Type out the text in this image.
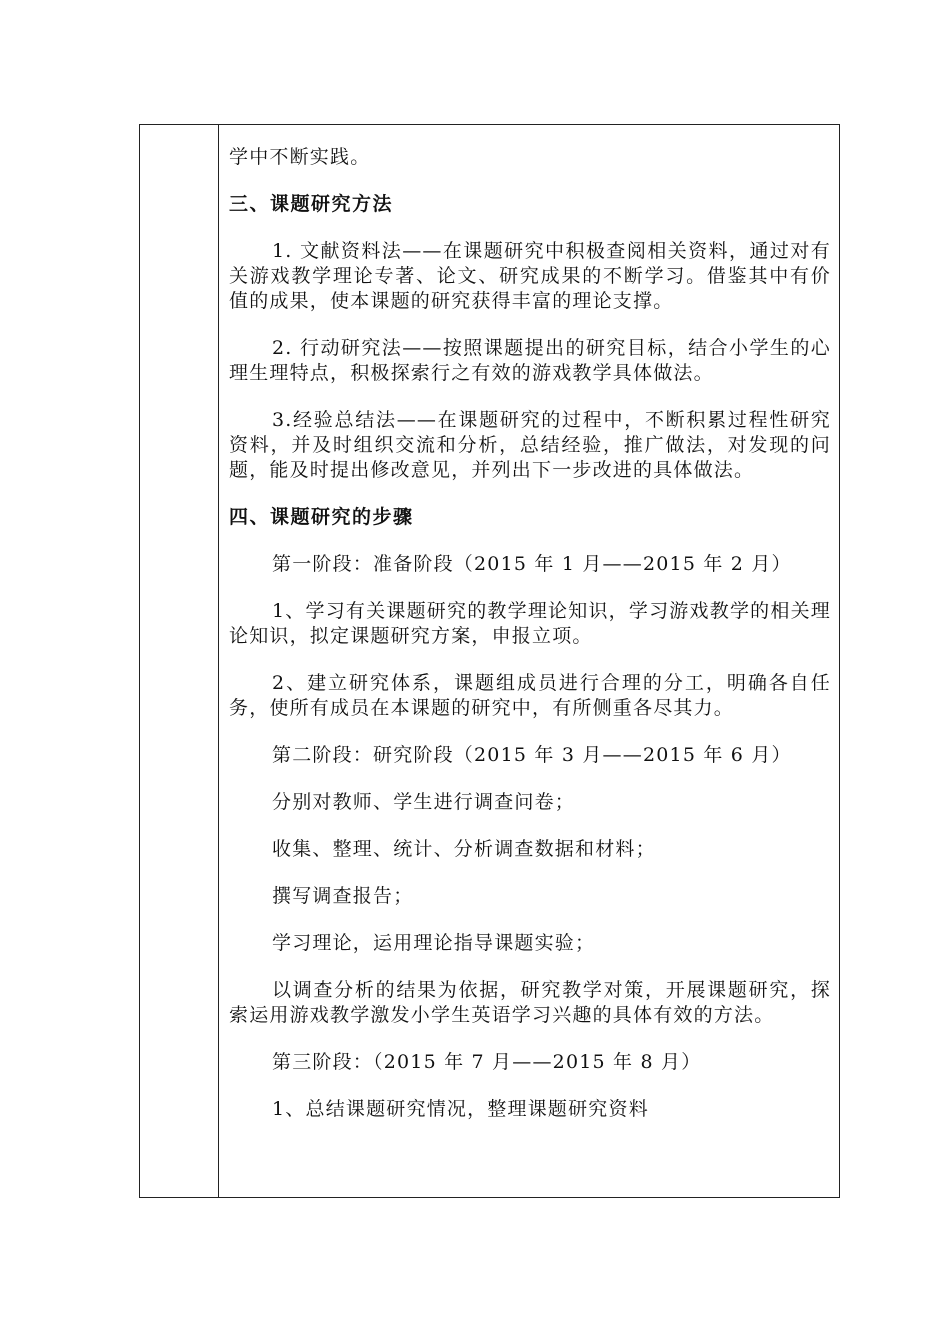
学中不断实践。

三、课题研究方法

1. 文献资料法——在课题研究中积极查阅相关资料，通过对有关游戏教学理论专著、论文、研究成果的不断学习。借鉴其中有价值的成果，使本课题的研究获得丰富的理论支撑。

2. 行动研究法——按照课题提出的研究目标，结合小学生的心理生理特点，积极探索行之有效的游戏教学具体做法。

3.经验总结法——在课题研究的过程中，不断积累过程性研究资料，并及时组织交流和分析，总结经验，推广做法，对发现的问题，能及时提出修改意见，并列出下一步改进的具体做法。

四、课题研究的步骤

第一阶段：准备阶段（2015 年 1 月——2015 年 2 月）

1、学习有关课题研究的教学理论知识，学习游戏教学的相关理论知识，拟定课题研究方案，申报立项。

2、建立研究体系，课题组成员进行合理的分工，明确各自任务，使所有成员在本课题的研究中，有所侧重各尽其力。

第二阶段：研究阶段（2015 年 3 月——2015 年 6 月）

分别对教师、学生进行调查问卷；

收集、整理、统计、分析调查数据和材料；

撰写调查报告；

学习理论，运用理论指导课题实验；

以调查分析的结果为依据，研究教学对策，开展课题研究，探索运用游戏教学激发小学生英语学习兴趣的具体有效的方法。

第三阶段：（2015 年 7 月——2015 年 8 月）

1、总结课题研究情况，整理课题研究资料
